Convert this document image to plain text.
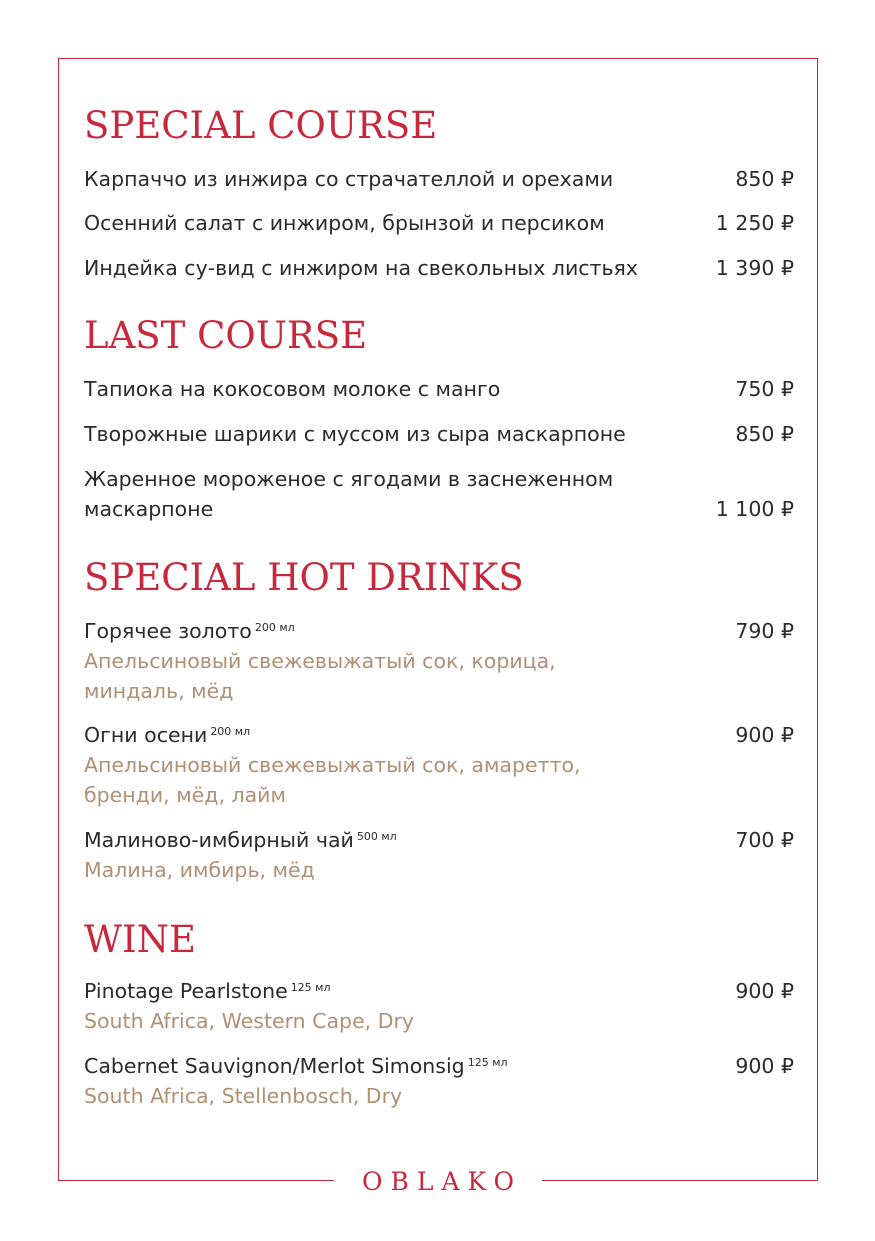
SPECIAL COURSE
Карпаччо из инжира со страчателлой и орехами	850 ₽
Осенний салат с инжиром, брынзой и персиком	1 250 ₽
Индейка су-вид с инжиром на свекольных листьях	1 390 ₽
LAST COURSE
Тапиока на кокосовом молоке с манго	750 ₽
Творожные шарики с муссом из сыра маскарпоне	850 ₽
Жаренное мороженое с ягодами в заснеженном маскарпоне	1 100 ₽
SPECIAL HOT DRINKS
Горячее золото $^{200 мл}$
Апельсиновый свежевыжатый сок, корица, миндаль, мёд
790 ₽
Огни осени $^{200 мл}$
Апельсиновый свежевыжатый сок, амаретто, бренди, мёд, лайм
900 ₽
Малиново-имбирный чай $^{500 мл}$
Малина, имбирь, мёд
700 ₽
WINE
Pinotage Pearlstone $^{125 мл}$
South Africa, Western Cape, Dry
900 ₽
Cabernet Sauvignon/Merlot Simonsig $^{125 мл}$
South Africa, Stellenbosch, Dry
900 ₽
OBLAKO
